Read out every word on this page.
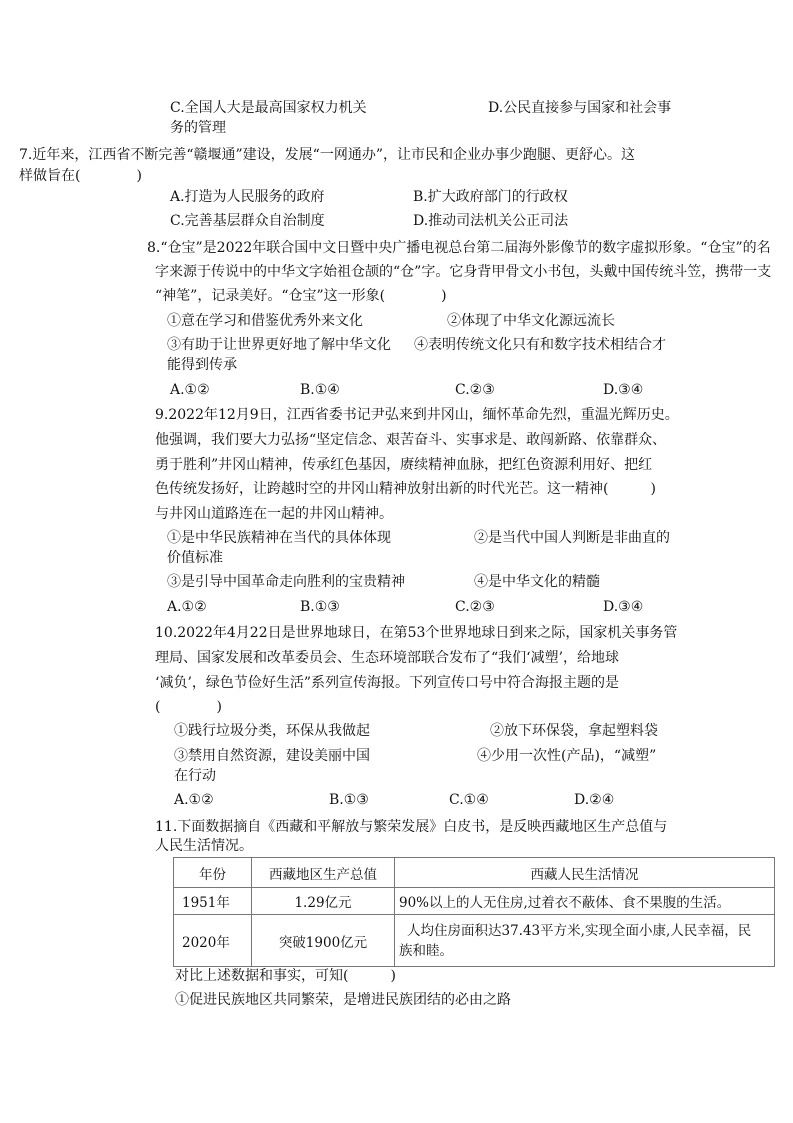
C.全国人大是最高国家权力机关	D.公民直接参与国家和社会事
务的管理
7.近年来，江西省不断完善“赣堰通”建设，发展“一网通办”，让市民和企业办事少跑腿、更舒心。这
样做旨在(　　　　)
A.打造为人民服务的政府	B.扩大政府部门的行政权
C.完善基层群众自治制度	D.推动司法机关公正司法
8.“仓宝”是2022年联合国中文日暨中央广播电视总台第二届海外影像节的数字虚拟形象。“仓宝”的名
字来源于传说中的中华文字始祖仓颉的“仓”字。它身背甲骨文小书包，头戴中国传统斗笠，携带一支
“神笔”，记录美好。“仓宝”这一形象(　　　　)
①意在学习和借鉴优秀外来文化	②体现了中华文化源远流长
③有助于让世界更好地了解中华文化 ④表明传统文化只有和数字技术相结合才
能得到传承
A.①②	B.①④	C.②③	D.③④
9.2022年12月9日，江西省委书记尹弘来到井冈山，缅怀革命先烈，重温光辉历史。
他强调，我们要大力弘扬“坚定信念、艰苦奋斗、实事求是、敢闯新路、依靠群众、
勇于胜利”井冈山精神，传承红色基因，赓续精神血脉，把红色资源利用好、把红
色传统发扬好，让跨越时空的井冈山精神放射出新的时代光芒。这一精神(　　　)
与井冈山道路连在一起的井冈山精神。
①是中华民族精神在当代的具体体现	②是当代中国人判断是非曲直的
价值标准
③是引导中国革命走向胜利的宝贵精神	④是中华文化的精髓
A.①②	B.①③	C.②③	D.③④
10.2022年4月22日是世界地球日，在第53个世界地球日到来之际，国家机关事务管
理局、国家发展和改革委员会、生态环境部联合发布了“我们‘减塑’，给地球
‘减负’，绿色节俭好生活”系列宣传海报。下列宣传口号中符合海报主题的是
(　　　　)
①践行垃圾分类，环保从我做起	②放下环保袋，拿起塑料袋
③禁用自然资源，建设美丽中国	④少用一次性(产品)，“减塑”
在行动
A.①②	B.①③	C.①④	D.②④
11.下面数据摘自《西藏和平解放与繁荣发展》白皮书，是反映西藏地区生产总值与
人民生活情况。
年份	西藏地区生产总值	西藏人民生活情况
1951年	1.29亿元	90%以上的人无住房,过着衣不蔽体、食不果腹的生活。
2020年	突破1900亿元	人均住房面积达37.43平方米,实现全面小康,人民幸福，民
族和睦。
对比上述数据和事实，可知(　　　)
①促进民族地区共同繁荣，是增进民族团结的必由之路
